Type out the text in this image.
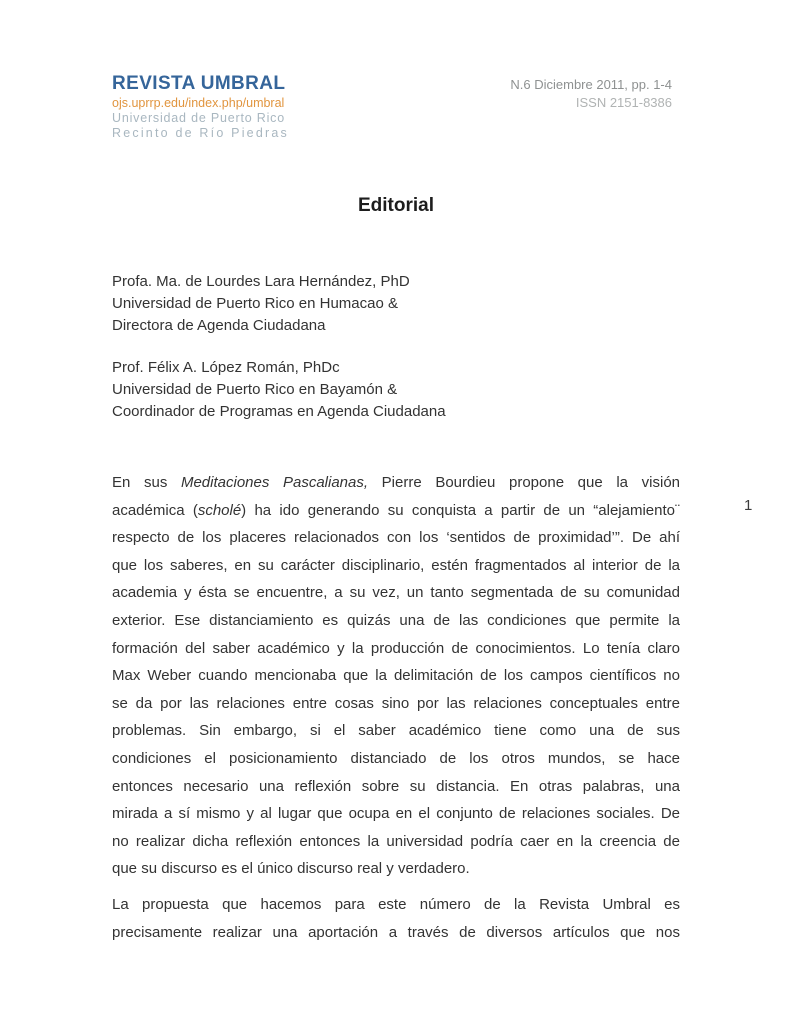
REVISTA UMBRAL
ojs.uprrp.edu/index.php/umbral
Universidad de Puerto Rico
Recinto de Río Piedras
N.6 Diciembre 2011, pp. 1-4
ISSN 2151-8386
Editorial
Profa. Ma. de Lourdes Lara Hernández, PhD
Universidad de Puerto Rico en Humacao &
Directora de Agenda Ciudadana
Prof. Félix A. López Román, PhDc
Universidad de Puerto Rico en Bayamón &
Coordinador de Programas en Agenda Ciudadana
En sus Meditaciones Pascalianas, Pierre Bourdieu propone que la visión
académica (scholé) ha ido generando su conquista a partir de un “alejamiento¨
respecto de los placeres relacionados con los ‘sentidos de proximidad’”. De ahí
que los saberes, en su carácter disciplinario, estén fragmentados al interior de la
academia y ésta se encuentre, a su vez, un tanto segmentada de su comunidad
exterior. Ese distanciamiento es quizás una de las condiciones que permite la
formación del saber académico y la producción de conocimientos. Lo tenía claro
Max Weber cuando mencionaba que la delimitación de los campos científicos no
se da por las relaciones entre cosas sino por las relaciones conceptuales entre
problemas. Sin embargo, si el saber académico tiene como una de sus
condiciones el posicionamiento distanciado de los otros mundos, se hace
entonces necesario una reflexión sobre su distancia. En otras palabras, una
mirada a sí mismo y al lugar que ocupa en el conjunto de relaciones sociales. De
no realizar dicha reflexión entonces la universidad podría caer en la creencia de
que su discurso es el único discurso real y verdadero.
La propuesta que hacemos para este número de la Revista Umbral es
precisamente realizar una aportación a través de diversos artículos que nos
1
